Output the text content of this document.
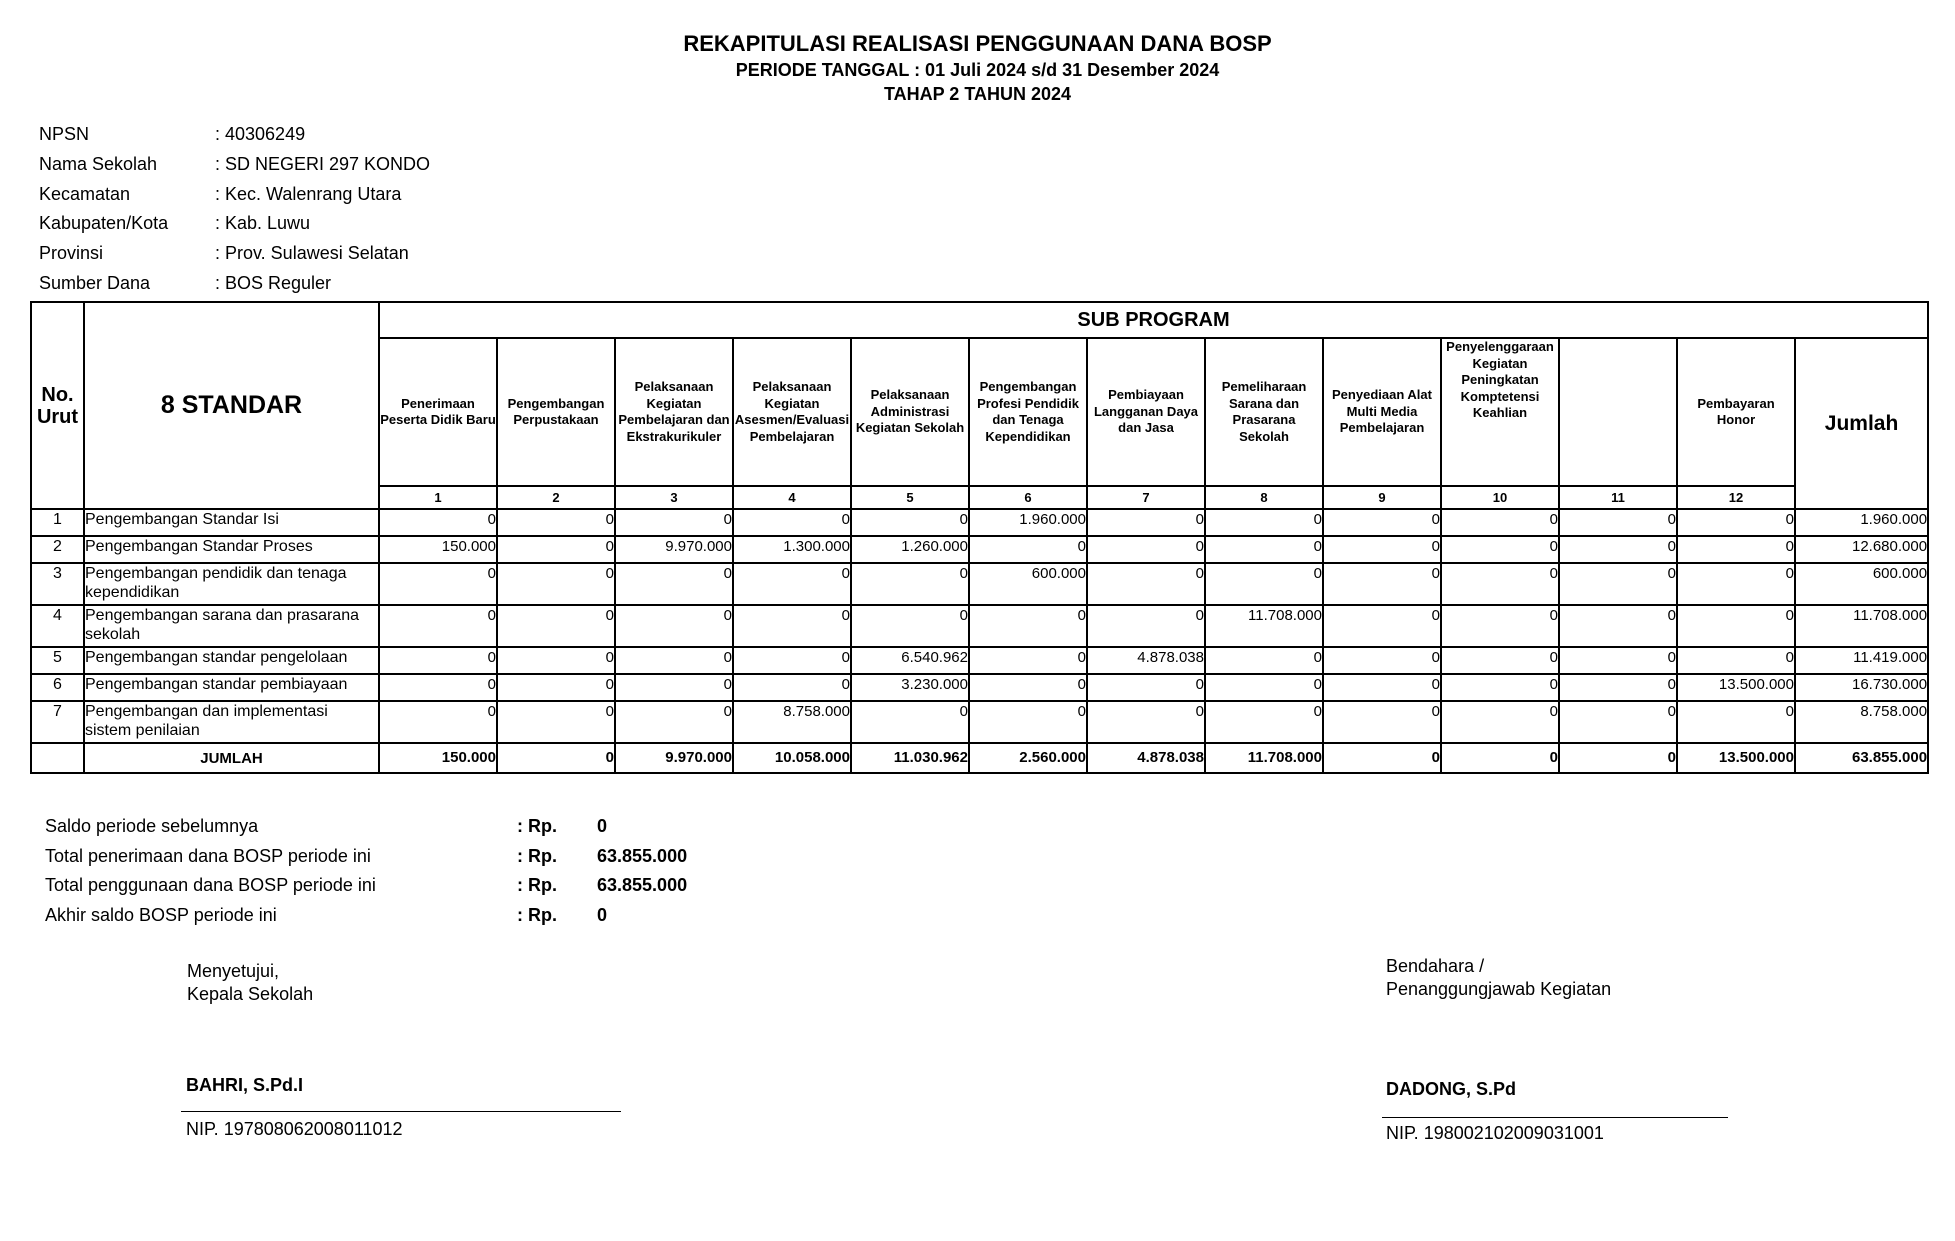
REKAPITULASI REALISASI PENGGUNAAN DANA BOSP
PERIODE TANGGAL : 01 Juli 2024 s/d 31 Desember 2024
TAHAP 2 TAHUN 2024
NPSN	: 40306249
Nama Sekolah	: SD NEGERI 297 KONDO
Kecamatan	: Kec. Walenrang Utara
Kabupaten/Kota	: Kab. Luwu
Provinsi	: Prov. Sulawesi Selatan
Sumber Dana	: BOS Reguler
No.
Urut	8 STANDAR	SUB PROGRAM												
		Penerimaan Peserta Didik Baru	Pengembangan Perpustakaan	Pelaksanaan Kegiatan Pembelajaran dan Ekstrakurikuler	Pelaksanaan Kegiatan Asesmen/Evaluasi Pembelajaran	Pelaksanaan Administrasi Kegiatan Sekolah	Pengembangan Profesi Pendidik dan Tenaga Kependidikan	Pembiayaan Langganan Daya dan Jasa	Pemeliharaan Sarana dan Prasarana Sekolah	Penyediaan Alat Multi Media Pembelajaran	Penyelenggaraan Kegiatan Peningkatan Komptetensi Keahlian		Pembayaran Honor	Jumlah
		1	2	3	4	5	6	7	8	9	10	11	12	
1	Pengembangan Standar Isi	0	0	0	0	0	1.960.000	0	0	0	0	0	0	1.960.000
2	Pengembangan Standar Proses	150.000	0	9.970.000	1.300.000	1.260.000	0	0	0	0	0	0	0	12.680.000
3	Pengembangan pendidik dan tenaga kependidikan	0	0	0	0	0	600.000	0	0	0	0	0	0	600.000
4	Pengembangan sarana dan prasarana sekolah	0	0	0	0	0	0	0	11.708.000	0	0	0	0	11.708.000
5	Pengembangan standar pengelolaan	0	0	0	0	6.540.962	0	4.878.038	0	0	0	0	0	11.419.000
6	Pengembangan standar pembiayaan	0	0	0	0	3.230.000	0	0	0	0	0	0	13.500.000	16.730.000
7	Pengembangan dan implementasi sistem penilaian	0	0	0	8.758.000	0	0	0	0	0	0	0	0	8.758.000
	JUMLAH	150.000	0	9.970.000	10.058.000	11.030.962	2.560.000	4.878.038	11.708.000	0	0	0	13.500.000	63.855.000
Saldo periode sebelumnya	: Rp.	0
Total penerimaan dana BOSP periode ini	: Rp.	63.855.000
Total penggunaan dana BOSP periode ini	: Rp.	63.855.000
Akhir saldo BOSP periode ini	: Rp.	0
Menyetujui,
Kepala Sekolah
BAHRI, S.Pd.I
NIP. 197808062008011012
Bendahara /
Penanggungjawab Kegiatan
DADONG, S.Pd
NIP. 198002102009031001
